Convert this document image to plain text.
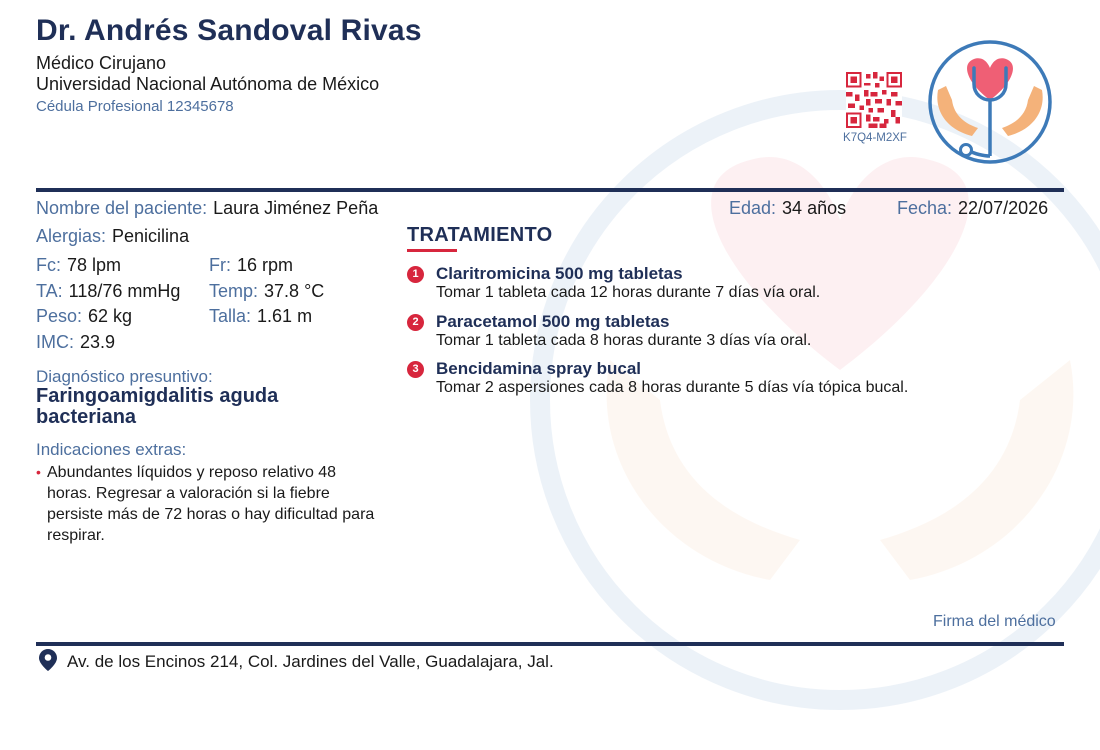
Dr. Andrés Sandoval Rivas
Médico Cirujano
Universidad Nacional Autónoma de México
Cédula Profesional 12345678
K7Q4-M2XF
Nombre del paciente: Laura Jiménez Peña	Edad: 34 años	Fecha: 22/07/2026
Alergias: Penicilina
Fc: 78 lpm	Fr: 16 rpm
TA: 118/76 mmHg Temp: 37.8 °C
Peso: 62 kg	Talla: 1.61 m
IMC: 23.9
Diagnóstico presuntivo:
Faringoamigdalitis aguda bacteriana
Indicaciones extras:
• Abundantes líquidos y reposo relativo 48 horas. Regresar a valoración si la fiebre persiste más de 72 horas o hay dificultad para respirar.
TRATAMIENTO
1	Claritromicina 500 mg tabletas
Tomar 1 tableta cada 12 horas durante 7 días vía oral.
2	Paracetamol 500 mg tabletas
Tomar 1 tableta cada 8 horas durante 3 días vía oral.
3	Bencidamina spray bucal
Tomar 2 aspersiones cada 8 horas durante 5 días vía tópica bucal.
Firma del médico
Av. de los Encinos 214, Col. Jardines del Valle, Guadalajara, Jal.
